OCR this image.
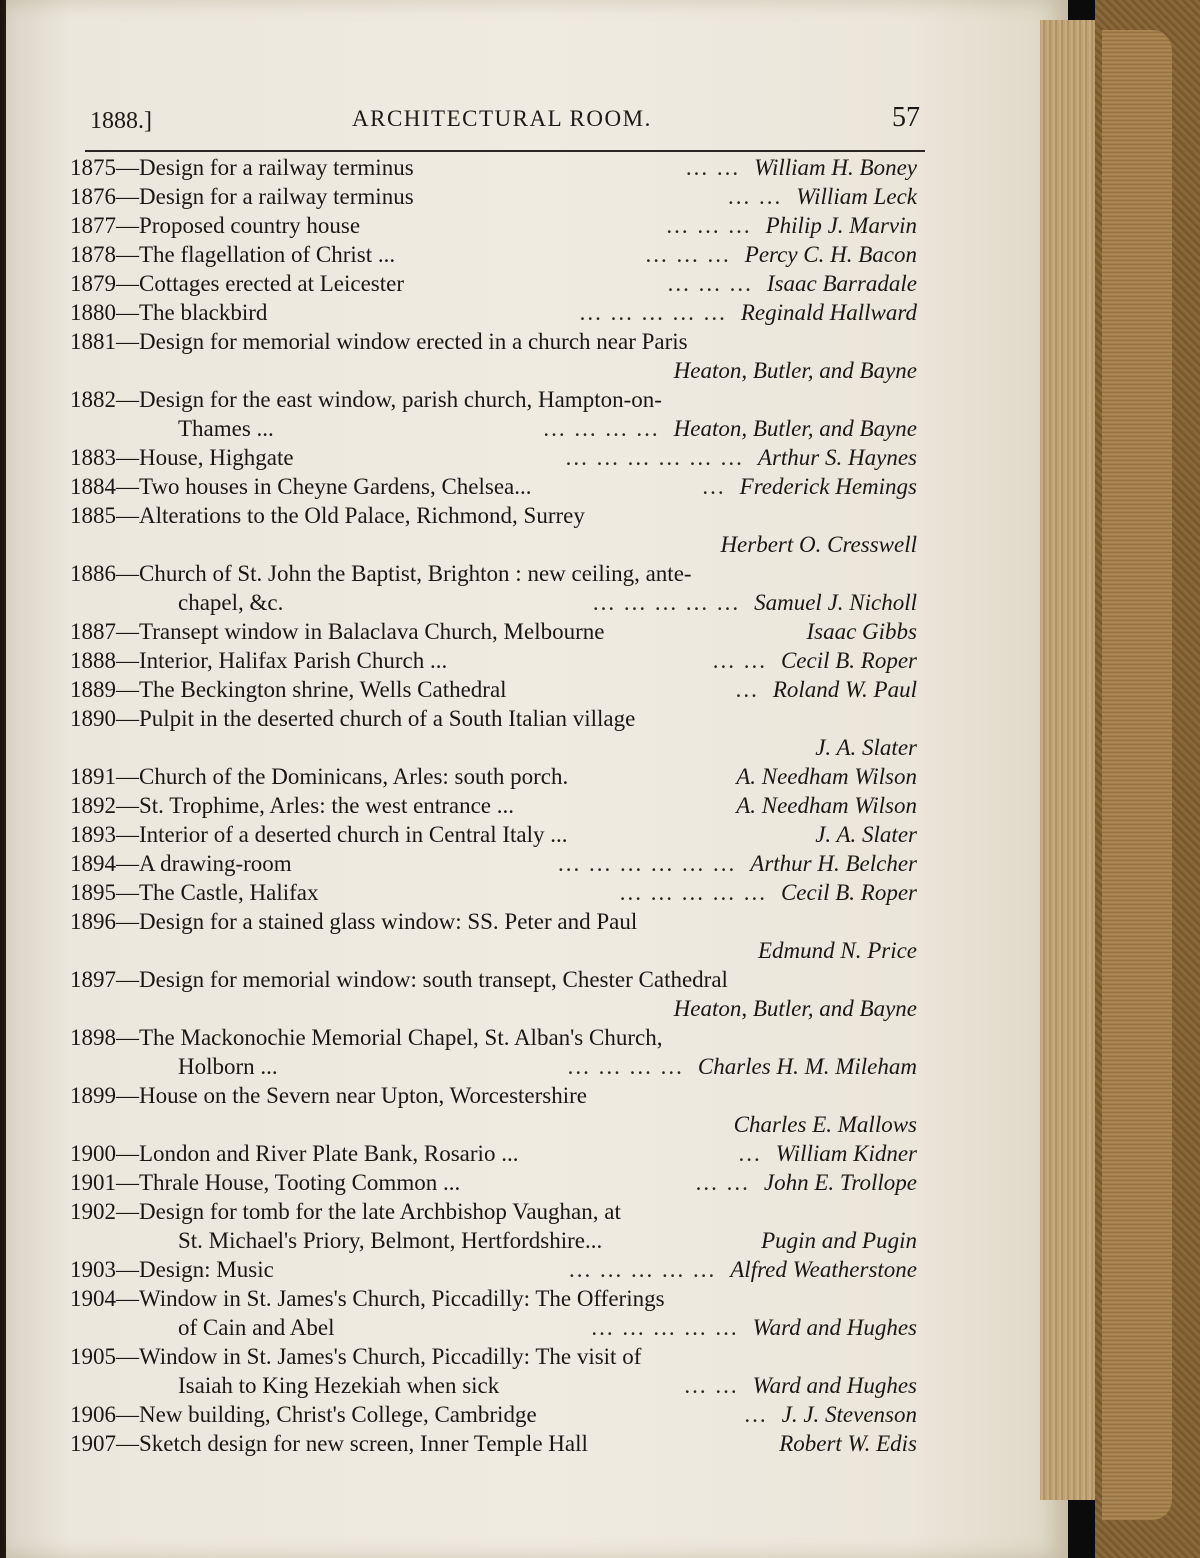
1888.]	ARCHITECTURAL ROOM.	57
1875—Design for a railway terminus	... ... William H. Boney
1876—Design for a railway terminus	... ... William Leck
1877—Proposed country house	... ... ... Philip J. Marvin
1878—The flagellation of Christ ...	... ... ... Percy C. H. Bacon
1879—Cottages erected at Leicester	... ... ... Isaac Barradale
1880—The blackbird	... ... ... ... ... Reginald Hallward
1881—Design for memorial window erected in a church near Paris
Heaton, Butler, and Bayne
1882—Design for the east window, parish church, Hampton-on-
Thames ...	... ... ... ... Heaton, Butler, and Bayne
1883—House, Highgate	... ... ... ... ... ... Arthur S. Haynes
1884—Two houses in Cheyne Gardens, Chelsea...	... Frederick Hemings
1885—Alterations to the Old Palace, Richmond, Surrey
Herbert O. Cresswell
1886—Church of St. John the Baptist, Brighton : new ceiling, ante-
chapel, &c.	... ... ... ... ... Samuel J. Nicholl
1887—Transept window in Balaclava Church, Melbourne	Isaac Gibbs
1888—Interior, Halifax Parish Church ...	... ... Cecil B. Roper
1889—The Beckington shrine, Wells Cathedral	... Roland W. Paul
1890—Pulpit in the deserted church of a South Italian village
J. A. Slater
1891—Church of the Dominicans, Arles: south porch.	A. Needham Wilson
1892—St. Trophime, Arles: the west entrance ...	A. Needham Wilson
1893—Interior of a deserted church in Central Italy ...	J. A. Slater
1894—A drawing-room	... ... ... ... ... ... Arthur H. Belcher
1895—The Castle, Halifax	... ... ... ... ... Cecil B. Roper
1896—Design for a stained glass window: SS. Peter and Paul
Edmund N. Price
1897—Design for memorial window: south transept, Chester Cathedral
Heaton, Butler, and Bayne
1898—The Mackonochie Memorial Chapel, St. Alban's Church,
Holborn ...	... ... ... ... Charles H. M. Mileham
1899—House on the Severn near Upton, Worcestershire
Charles E. Mallows
1900—London and River Plate Bank, Rosario ...	... William Kidner
1901—Thrale House, Tooting Common ...	... ... John E. Trollope
1902—Design for tomb for the late Archbishop Vaughan, at
St. Michael's Priory, Belmont, Hertfordshire...	Pugin and Pugin
1903—Design: Music	... ... ... ... ... Alfred Weatherstone
1904—Window in St. James's Church, Piccadilly: The Offerings
of Cain and Abel	... ... ... ... ... Ward and Hughes
1905—Window in St. James's Church, Piccadilly: The visit of
Isaiah to King Hezekiah when sick	... ... Ward and Hughes
1906—New building, Christ's College, Cambridge	... J. J. Stevenson
1907—Sketch design for new screen, Inner Temple Hall	Robert W. Edis
